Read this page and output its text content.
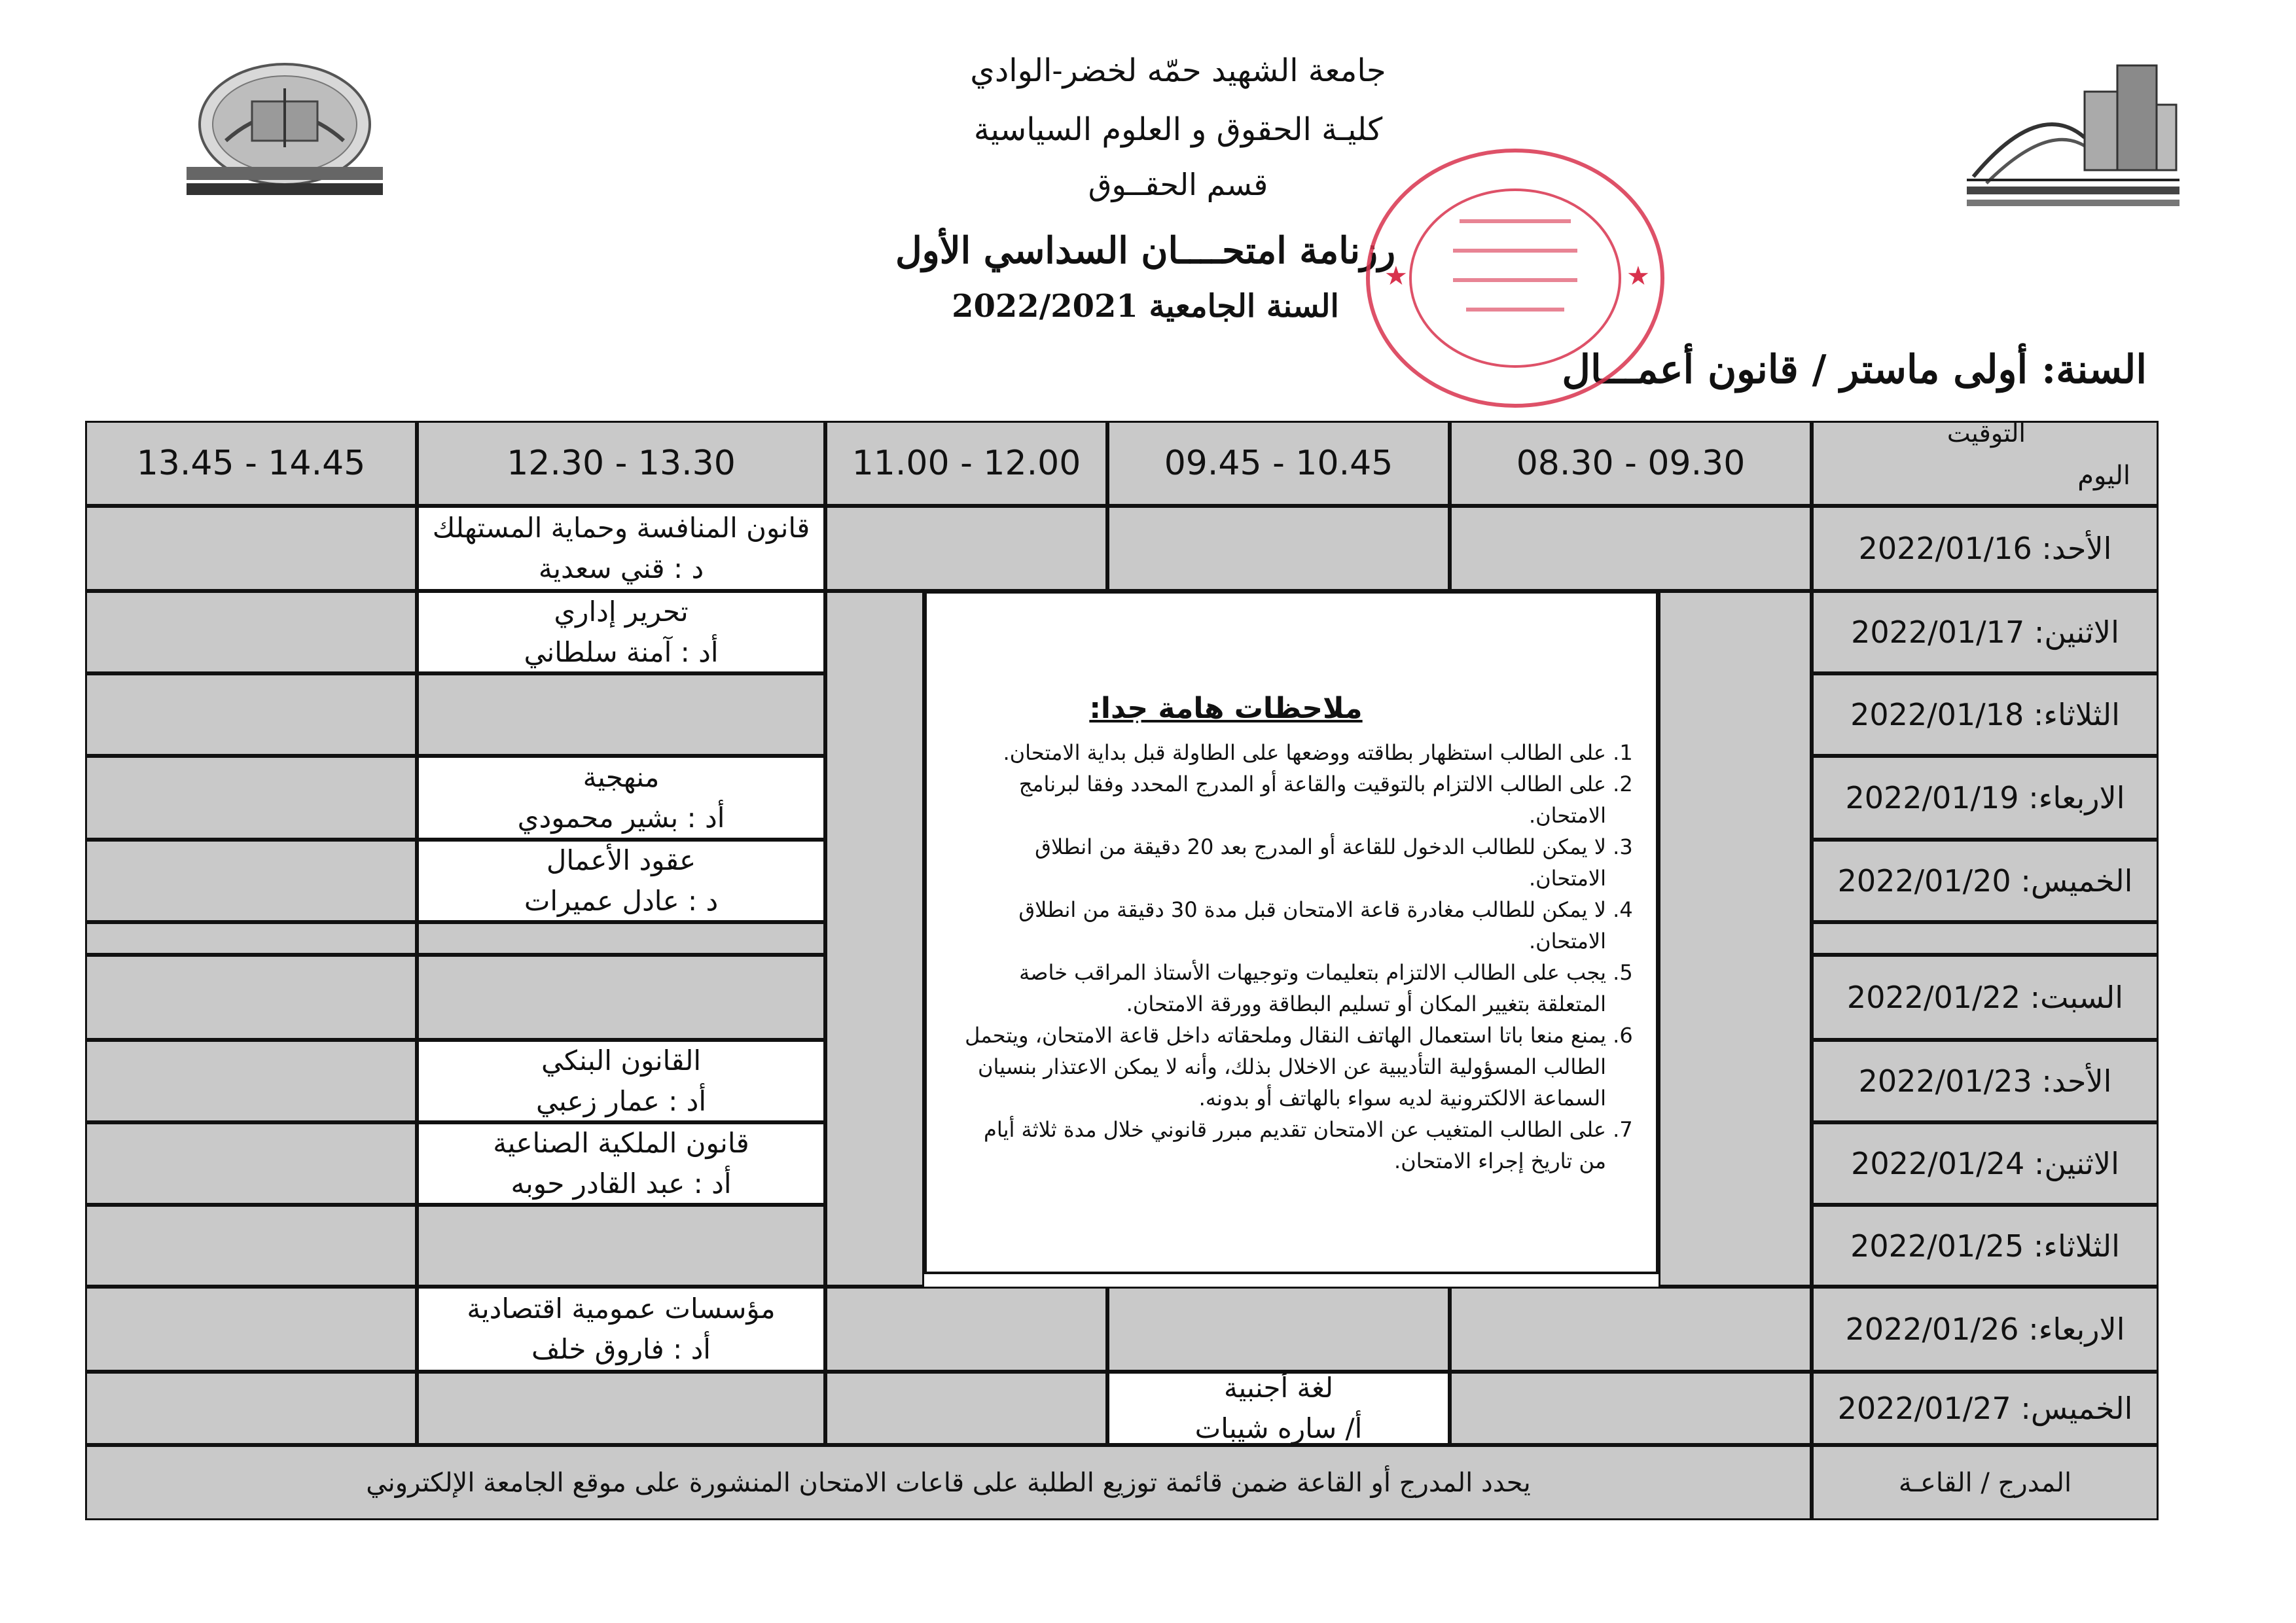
جامعة الشهيد حمّه لخضر-الوادي
كليـة الحقوق و العلوم السياسية
قسم الحقــوق
رزنامة امتحــــان السداسي الأول
السنة الجامعية 2022/2021
السنة: أولى ماستر / قانون أعمـــال
★	★
التوقيت
اليوم
09.30 - 08.30
10.45 - 09.45
12.00 - 11.00
13.30 - 12.30
14.45 - 13.45
الأحد: 2022/01/16
الاثنين: 2022/01/17
الثلاثاء: 2022/01/18
الاربعاء: 2022/01/19
الخميس: 2022/01/20
السبت: 2022/01/22
الأحد: 2022/01/23
الاثنين: 2022/01/24
الثلاثاء: 2022/01/25
الاربعاء: 2022/01/26
الخميس: 2022/01/27
قانون المنافسة وحماية المستهلك
د : قني سعدية
تحرير إداري
أد : آمنة سلطاني
منهجية
أد : بشير محمودي
عقود الأعمال
د : عادل عميرات
القانون البنكي
أد : عمار زعبي
قانون الملكية الصناعية
أد : عبد القادر حوبه
مؤسسات عمومية اقتصادية
أد : فاروق خلف
لغة أجنبية
أ/ ساره شيبات
المدرج / القاعـة
يحدد المدرج أو القاعة ضمن قائمة توزيع الطلبة على قاعات الامتحان المنشورة على موقع الجامعة الإلكتروني
ملاحظات هامة جدا:
1. على الطالب استظهار بطاقته ووضعها على الطاولة قبل بداية الامتحان.
2. على الطالب الالتزام بالتوقيت والقاعة أو المدرج المحدد وفقا لبرنامج الامتحان.
3. لا يمكن للطالب الدخول للقاعة أو المدرج بعد 20 دقيقة من انطلاق الامتحان.
4. لا يمكن للطالب مغادرة قاعة الامتحان قبل مدة 30 دقيقة من انطلاق الامتحان.
5. يجب على الطالب الالتزام بتعليمات وتوجيهات الأستاذ المراقب خاصة المتعلقة بتغيير المكان أو تسليم البطاقة وورقة الامتحان.
6. يمنع منعا باتا استعمال الهاتف النقال وملحقاته داخل قاعة الامتحان، ويتحمل الطالب المسؤولية التأديبية عن الاخلال بذلك، وأنه لا يمكن الاعتذار بنسيان السماعة الالكترونية لديه سواء بالهاتف أو بدونه.
7. على الطالب المتغيب عن الامتحان تقديم مبرر قانوني خلال مدة ثلاثة أيام من تاريخ إجراء الامتحان.
